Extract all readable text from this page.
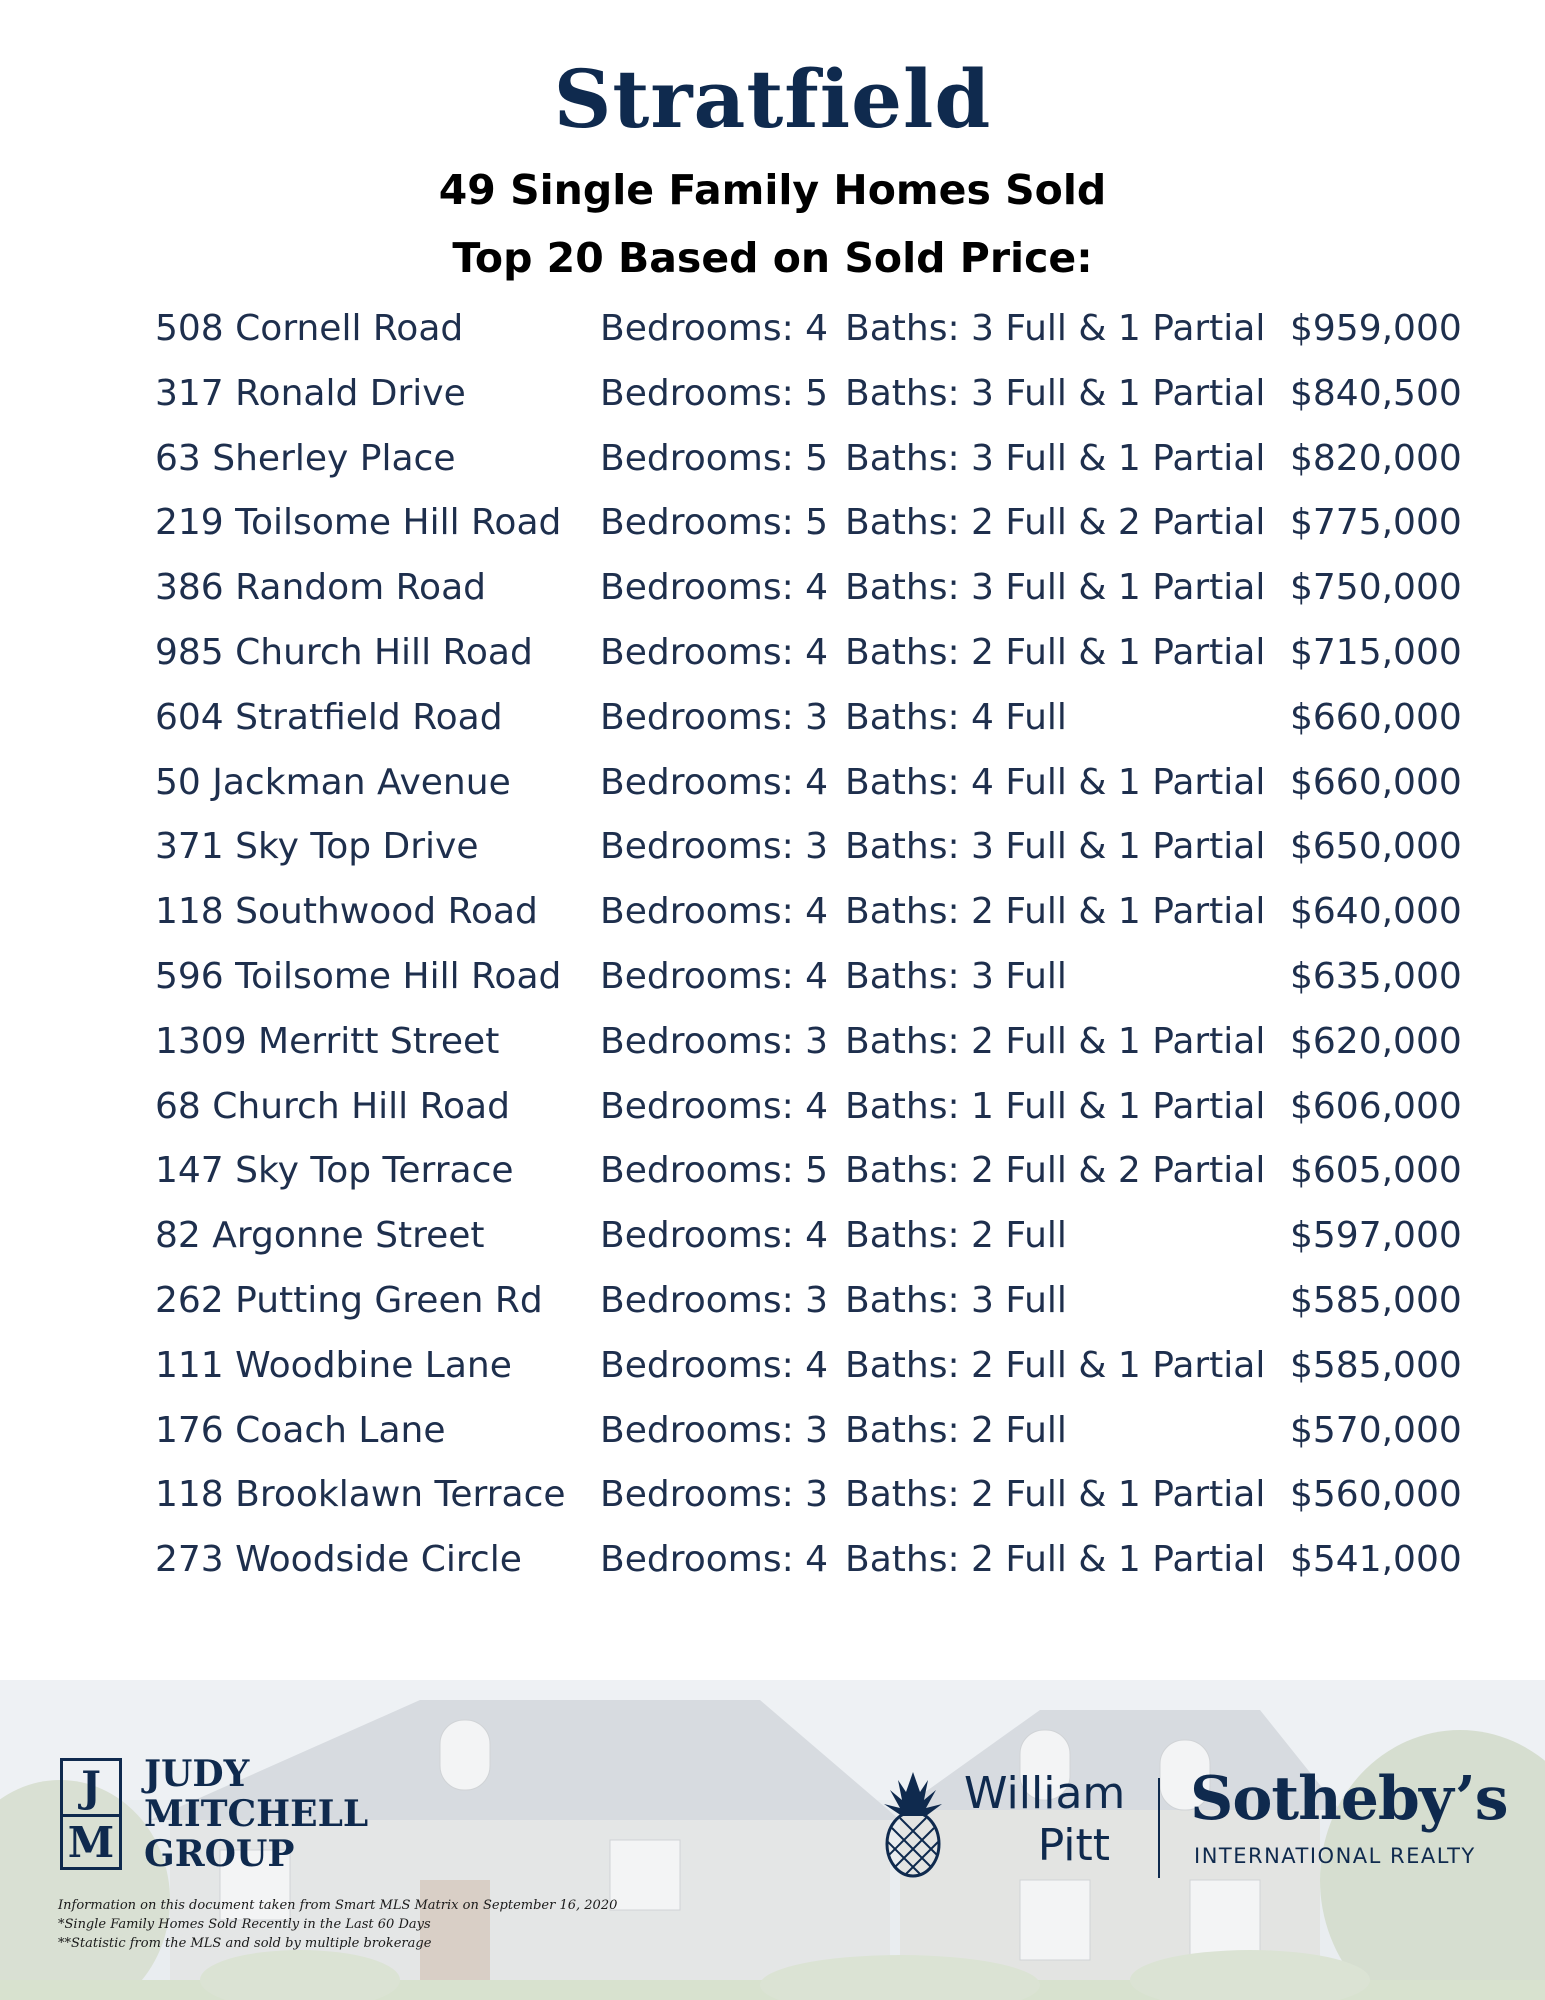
Stratfield
49 Single Family Homes Sold
Top 20 Based on Sold Price:
508 Cornell Road	Bedrooms: 4 Baths: 3 Full & 1 Partial $959,000
317 Ronald Drive	Bedrooms: 5 Baths: 3 Full & 1 Partial $840,500
63 Sherley Place	Bedrooms: 5 Baths: 3 Full & 1 Partial $820,000
219 Toilsome Hill Road Bedrooms: 5 Baths: 2 Full & 2 Partial $775,000
386 Random Road	Bedrooms: 4 Baths: 3 Full & 1 Partial $750,000
985 Church Hill Road Bedrooms: 4 Baths: 2 Full & 1 Partial $715,000
604 Stratfield Road	Bedrooms: 3 Baths: 4 Full	$660,000
50 Jackman Avenue Bedrooms: 4 Baths: 4 Full & 1 Partial $660,000
371 Sky Top Drive	Bedrooms: 3 Baths: 3 Full & 1 Partial $650,000
118 Southwood Road Bedrooms: 4 Baths: 2 Full & 1 Partial $640,000
596 Toilsome Hill Road Bedrooms: 4 Baths: 3 Full	$635,000
1309 Merritt Street	Bedrooms: 3 Baths: 2 Full & 1 Partial $620,000
68 Church Hill Road	Bedrooms: 4 Baths: 1 Full & 1 Partial $606,000
147 Sky Top Terrace Bedrooms: 5 Baths: 2 Full & 2 Partial $605,000
82 Argonne Street	Bedrooms: 4 Baths: 2 Full	$597,000
262 Putting Green Rd Bedrooms: 3 Baths: 3 Full	$585,000
111 Woodbine Lane Bedrooms: 4 Baths: 2 Full & 1 Partial $585,000
176 Coach Lane	Bedrooms: 3 Baths: 2 Full	$570,000
118 Brooklawn Terrace Bedrooms: 3 Baths: 2 Full & 1 Partial $560,000
273 Woodside Circle Bedrooms: 4 Baths: 2 Full & 1 Partial $541,000
J
M
JUDY
MITCHELL
GROUP
Information on this document taken from Smart MLS Matrix on September 16, 2020
*Single Family Homes Sold Recently in the Last 60 Days
**Statistic from the MLS and sold by multiple brokerage
William
Pitt
Sotheby’s
INTERNATIONAL REALTY
